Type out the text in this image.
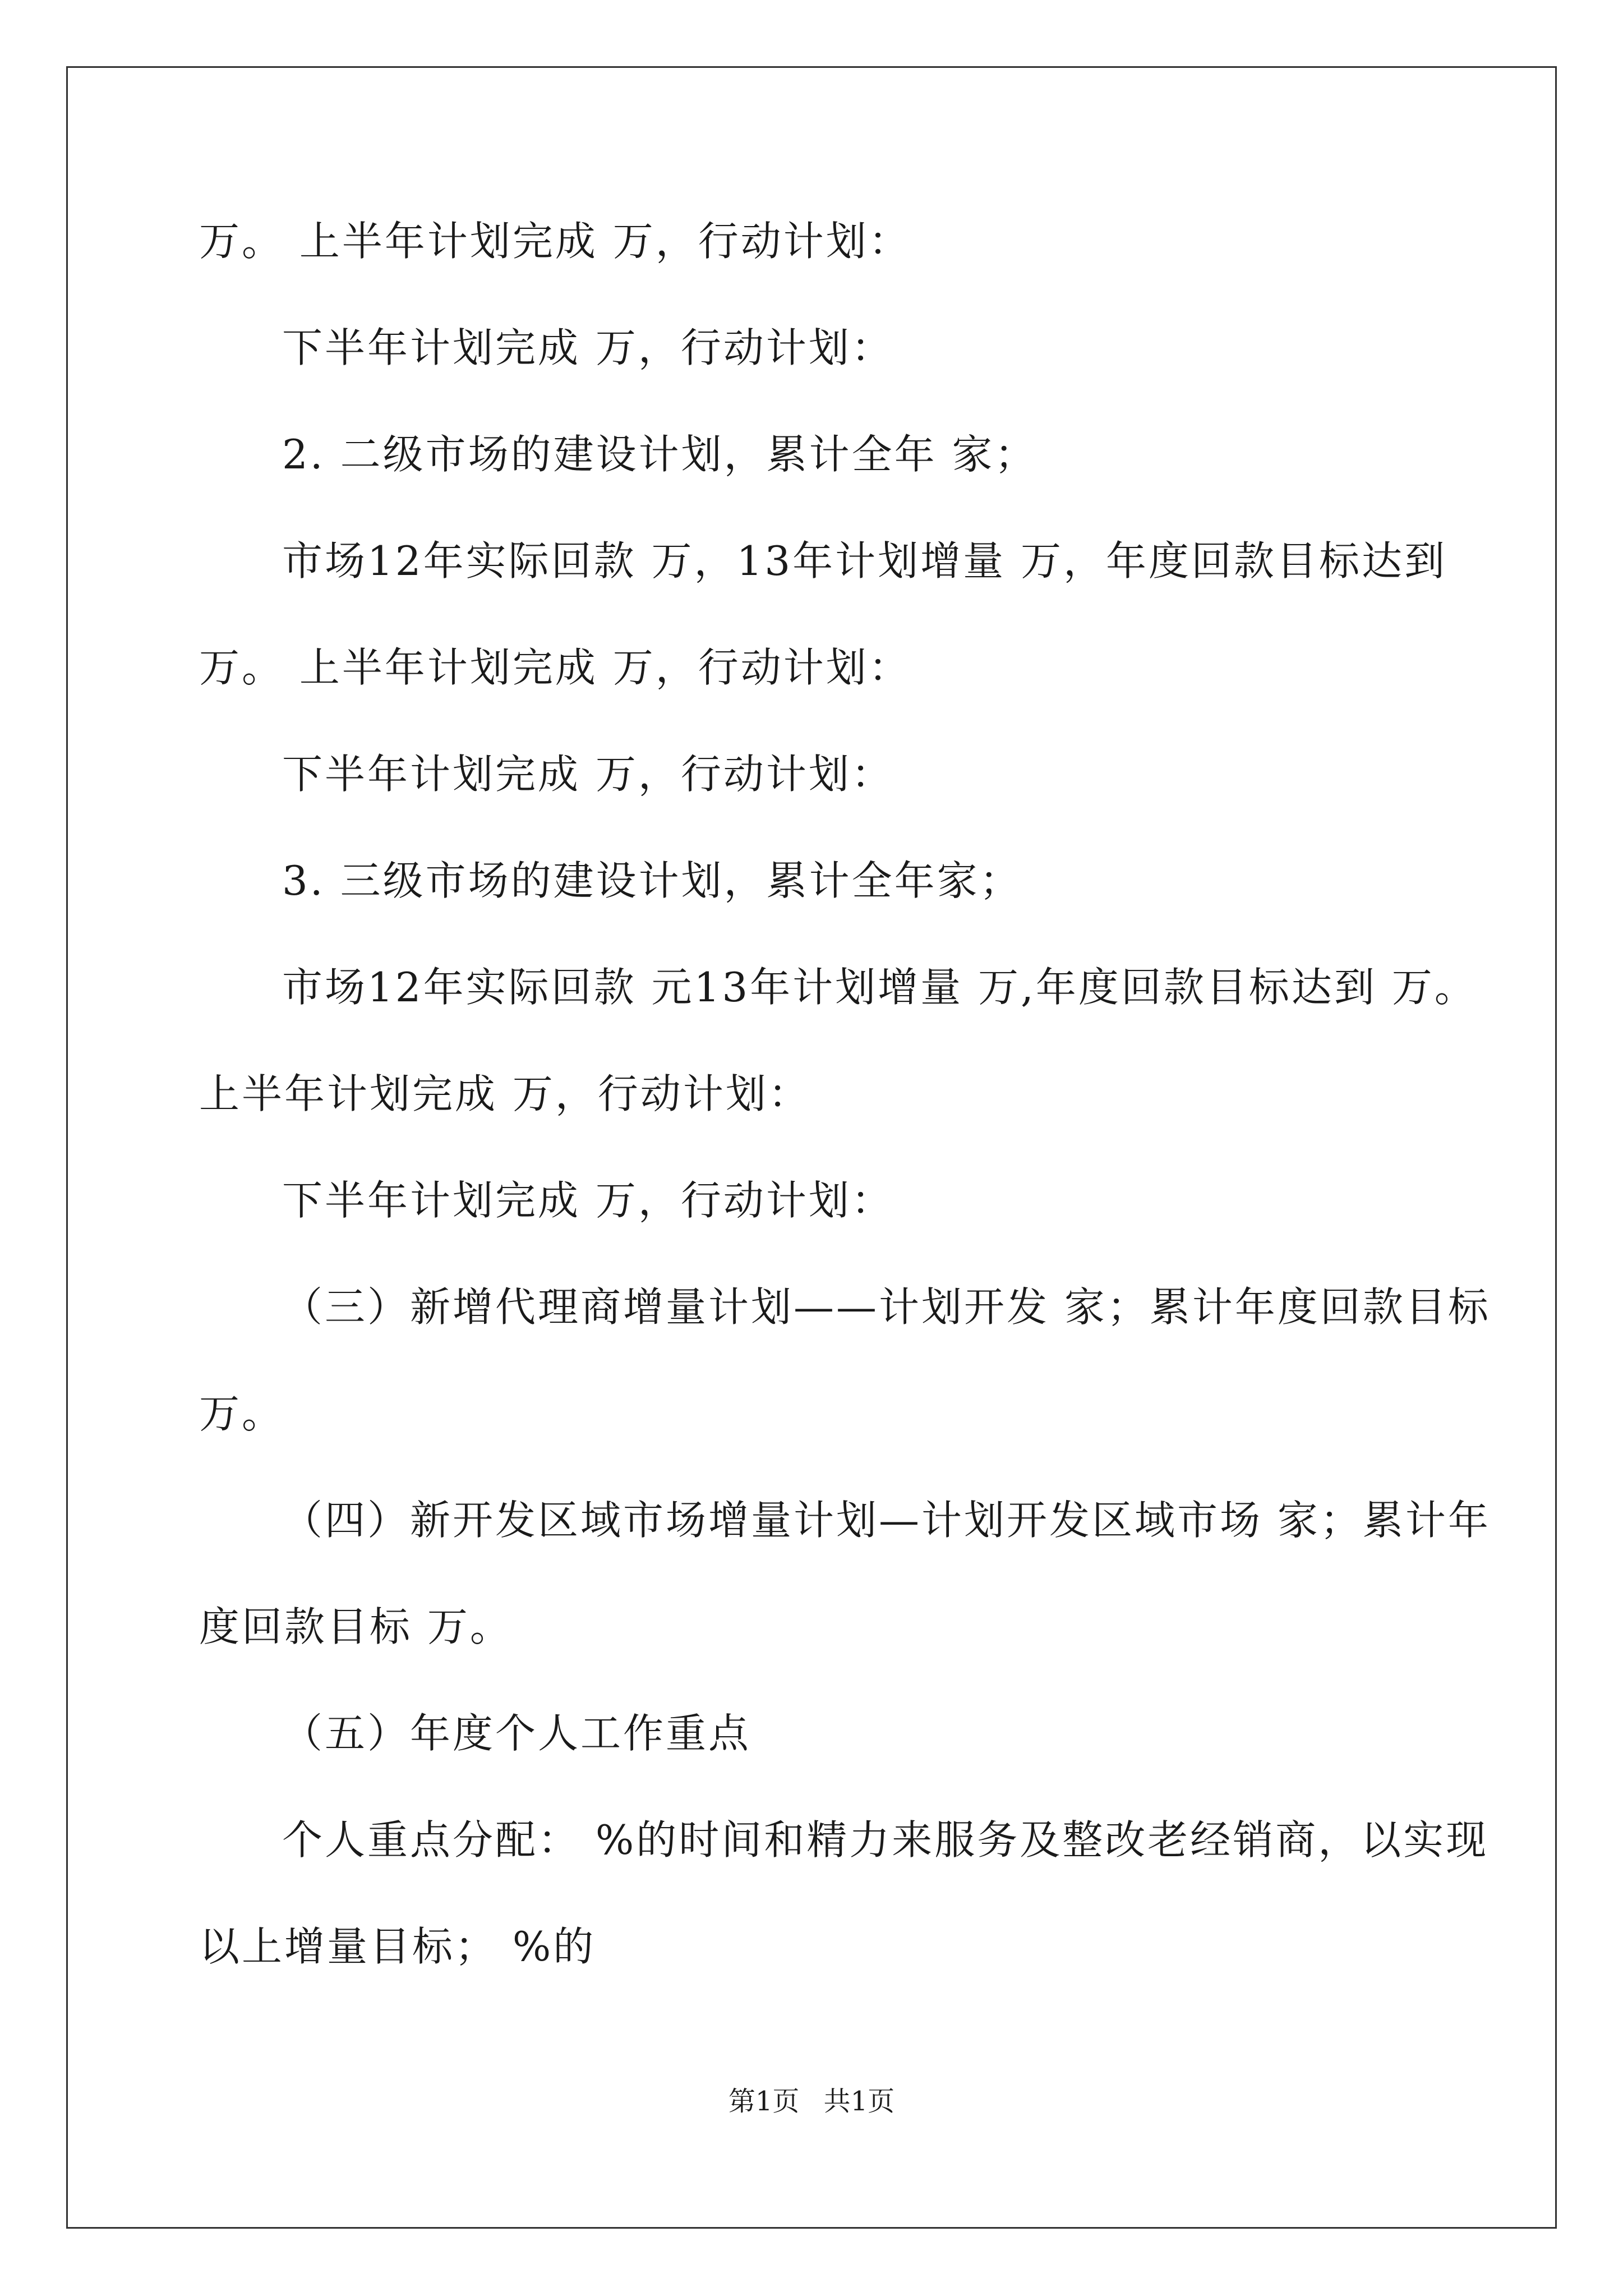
万。 上半年计划完成 万，行动计划：
下半年计划完成 万，行动计划：
2. 二级市场的建设计划，累计全年 家；
市场12年实际回款 万，13年计划增量 万，年度回款目标达到
万。 上半年计划完成 万，行动计划：
下半年计划完成 万，行动计划：
3. 三级市场的建设计划，累计全年家；
市场12年实际回款 元13年计划增量 万,年度回款目标达到 万。
上半年计划完成 万，行动计划：
下半年计划完成 万，行动计划：
（三）新增代理商增量计划——计划开发 家；累计年度回款目标
万。
（四）新开发区域市场增量计划—计划开发区域市场 家；累计年
度回款目标 万。
（五）年度个人工作重点
个人重点分配： %的时间和精力来服务及整改老经销商，以实现
以上增量目标； %的
第1页 共1页
